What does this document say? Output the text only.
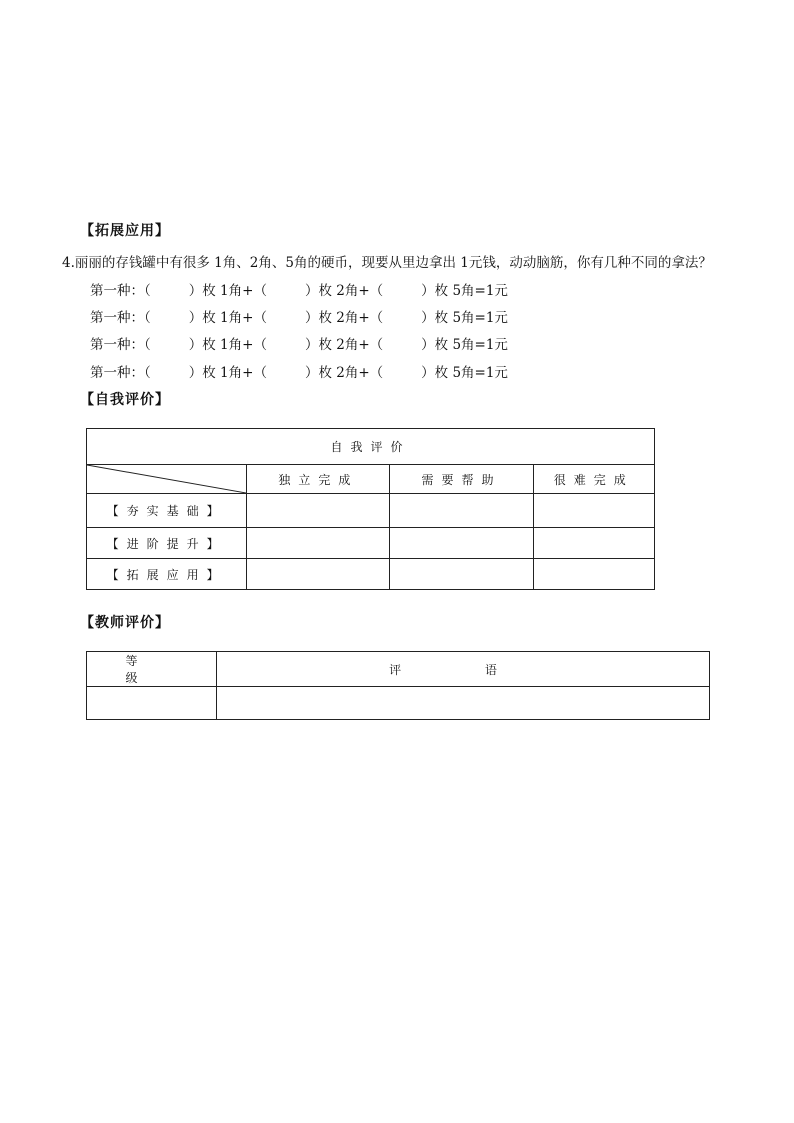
【拓展应用】
4.丽丽的存钱罐中有很多 1角、2角、5角的硬币，现要从里边拿出 1元钱，动动脑筋，你有几种不同的拿法？
第一种：（	）枚 1角+（	）枚 2角+（	）枚 5角=1元
第一种：（	）枚 1角+（	）枚 2角+（	）枚 5角=1元
第一种：（	）枚 1角+（	）枚 2角+（	）枚 5角=1元
第一种：（	）枚 1角+（	）枚 2角+（	）枚 5角=1元
【自我评价】
自我评价			

	独立完成	需要帮助	很难完成
【夯实基础】			
【进阶提升】			
【拓展应用】			
【教师评价】
等 级	评 语
